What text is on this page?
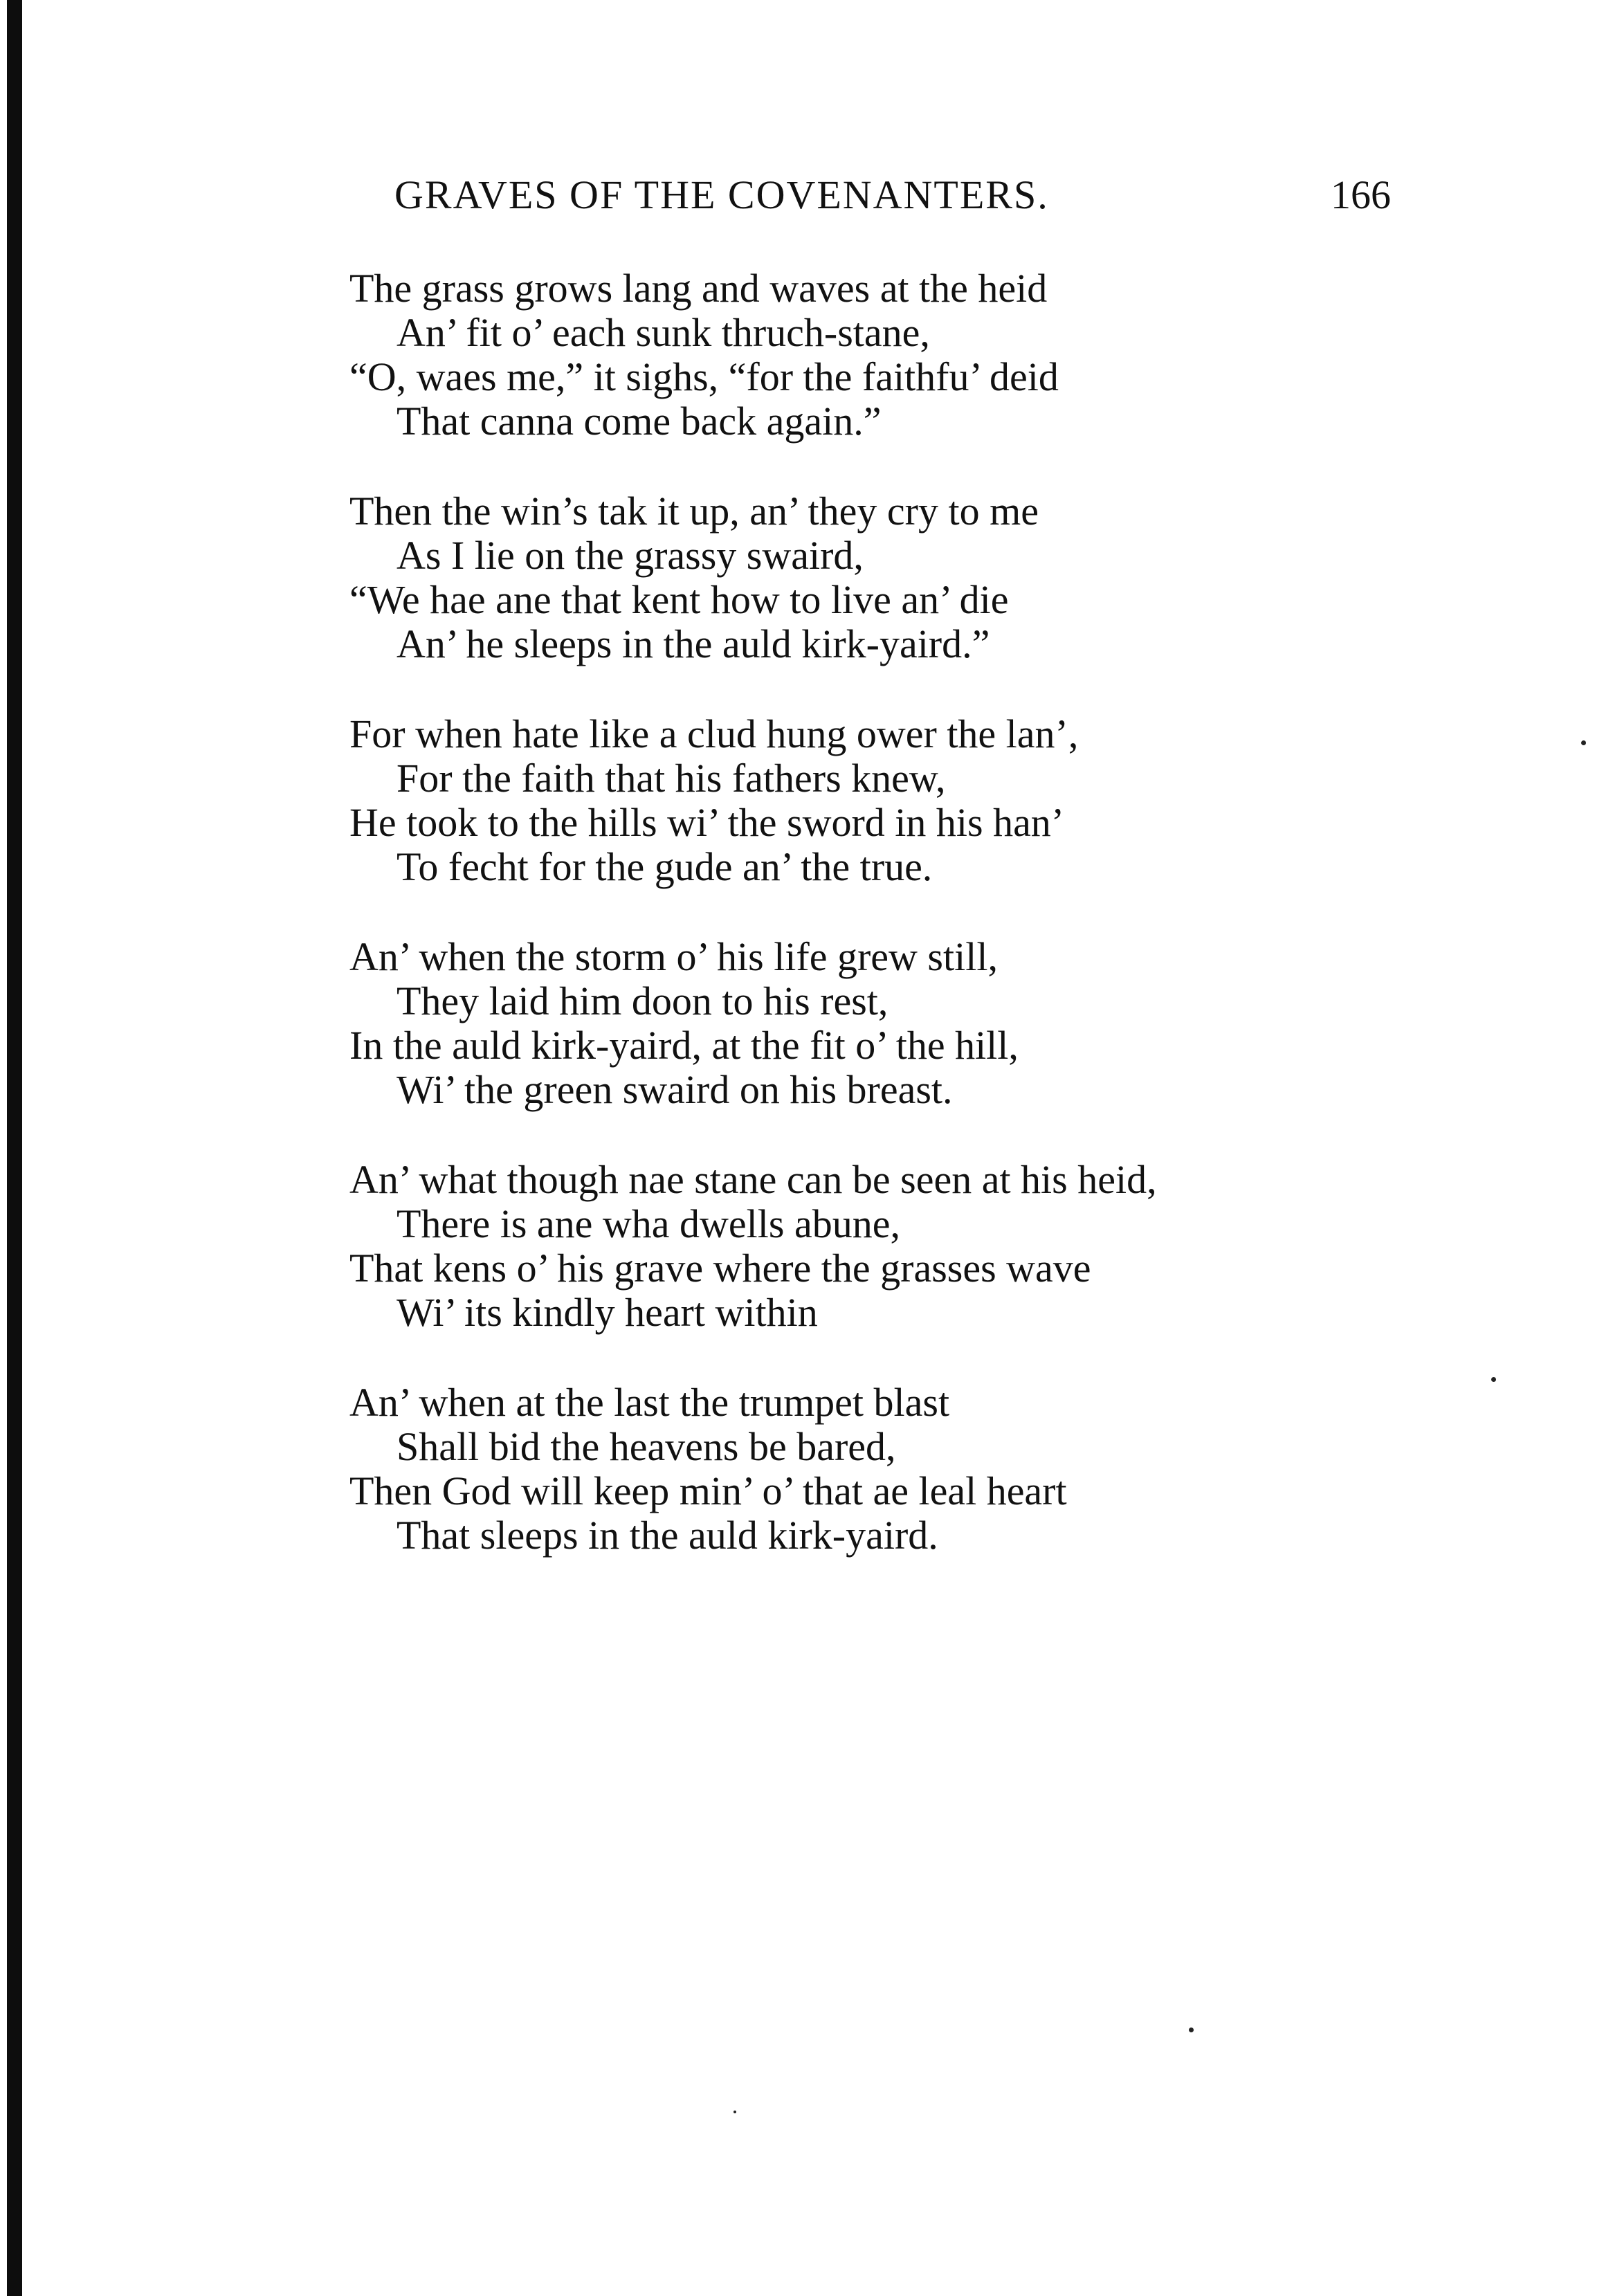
GRAVES OF THE COVENANTERS.	166
The grass grows lang and waves at the heid
An’ fit o’ each sunk thruch-stane,
“O, waes me,” it sighs, “for the faithfu’ deid
That canna come back again.”
Then the win’s tak it up, an’ they cry to me
As I lie on the grassy swaird,
“We hae ane that kent how to live an’ die
An’ he sleeps in the auld kirk-yaird.”
For when hate like a clud hung ower the lan’,
For the faith that his fathers knew,
He took to the hills wi’ the sword in his han’
To fecht for the gude an’ the true.
An’ when the storm o’ his life grew still,
They laid him doon to his rest,
In the auld kirk-yaird, at the fit o’ the hill,
Wi’ the green swaird on his breast.
An’ what though nae stane can be seen at his heid,
There is ane wha dwells abune,
That kens o’ his grave where the grasses wave
Wi’ its kindly heart within
An’ when at the last the trumpet blast
Shall bid the heavens be bared,
Then God will keep min’ o’ that ae leal heart
That sleeps in the auld kirk-yaird.
